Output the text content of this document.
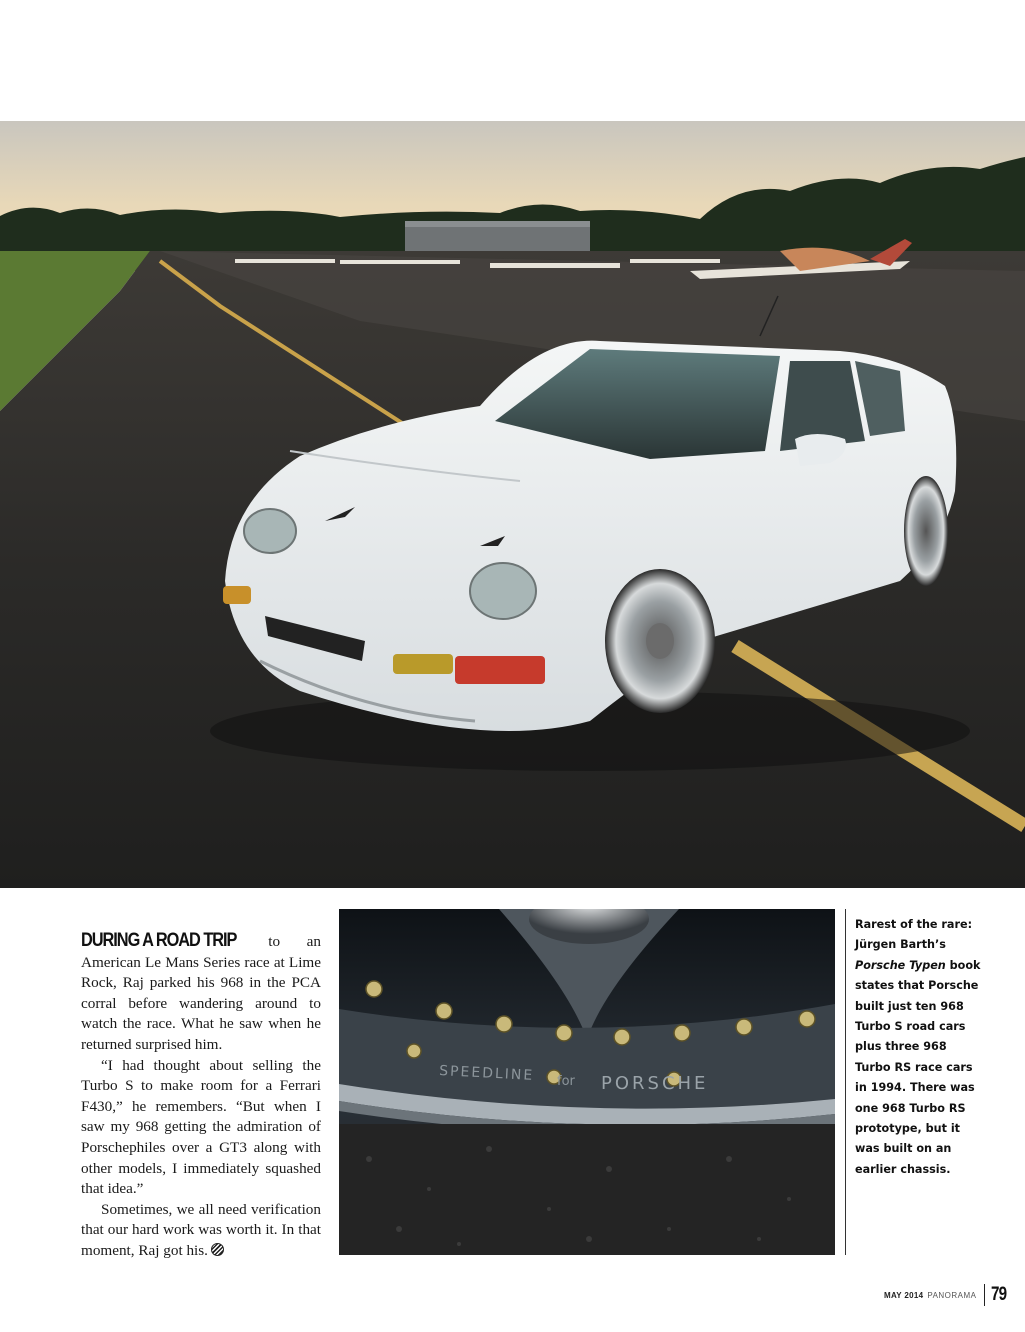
DURING A ROAD TRIP to an American Le Mans Series race at Lime Rock, Raj parked his 968 in the PCA corral before wandering around to watch the race. What he saw when he returned surprised him.

“I had thought about selling the Turbo S to make room for a Ferrari F430,” he remembers. “But when I saw my 968 getting the admiration of Porschephiles over a GT3 along with other models, I immediately squashed that idea.”

Sometimes, we all need verification that our hard work was worth it. In that moment, Raj got his.

SPEEDLINE for PORSCHE
Rarest of the rare: Jürgen Barth’s Porsche Typen book states that Porsche built just ten 968 Turbo S road cars plus three 968 Turbo RS race cars in 1994. There was one 968 Turbo RS prototype, but it was built on an earlier chassis.
MAY 2014 PANORAMA 79
